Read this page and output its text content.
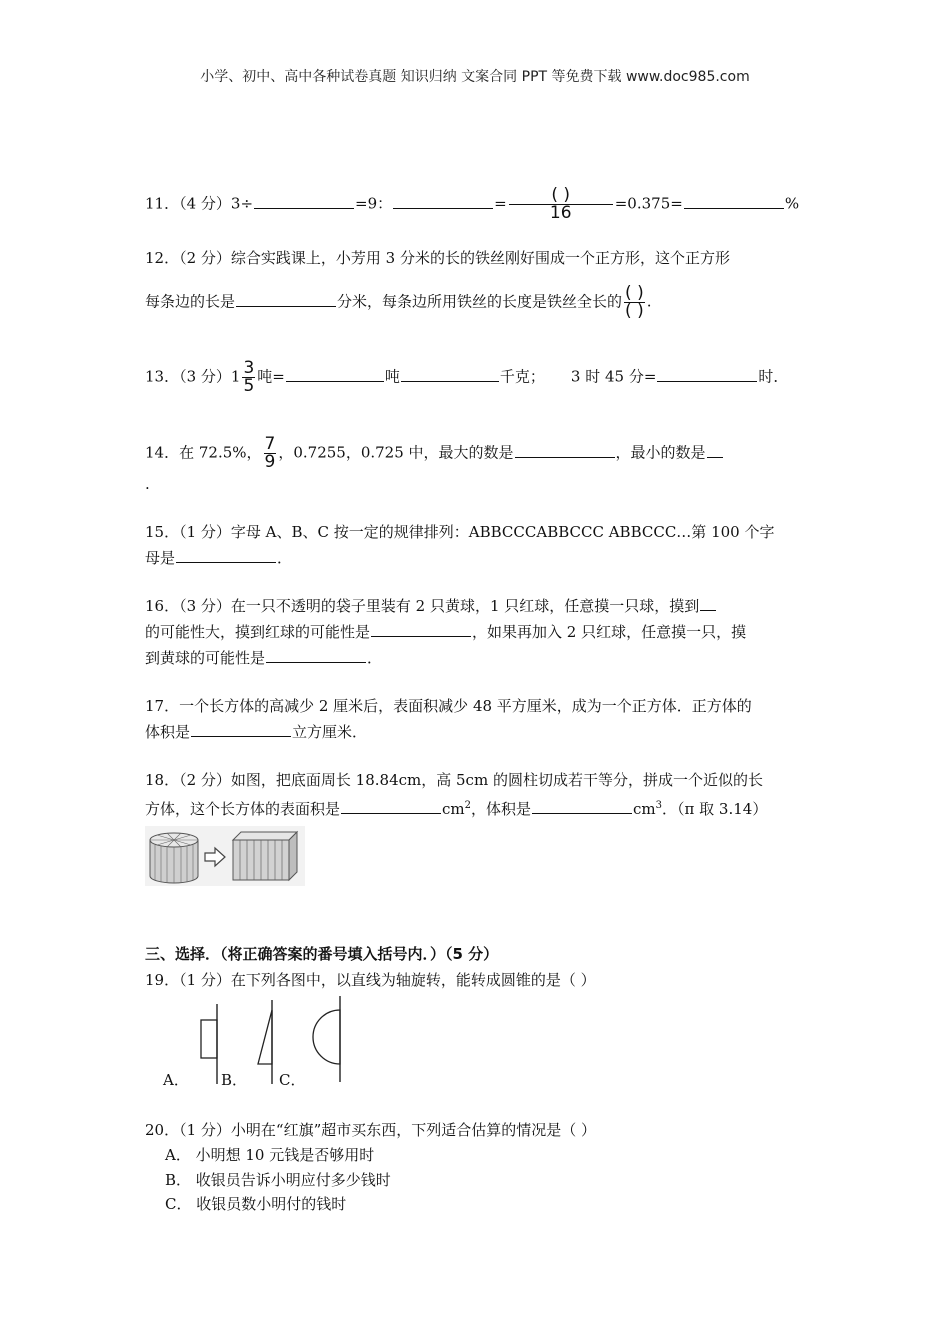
小学、初中、高中各种试卷真题 知识归纳 文案合同 PPT 等免费下载 www.doc985.com
11．（4 分）3÷	=9：	= $\frac{( )}{16} =0.375=$	%
12．（2 分）综合实践课上，小芳用 3 分米的长的铁丝刚好围成一个正方形，这个正方形
每条边的长是	分米，每条边所用铁丝的长度是铁丝全长的 $\frac{( )}{( )}$ .
13．（3 分）$1 \frac{3}{5}$ 吨=	吨	千克； 3 时 45 分=	时．
14．在 72.5%， $\frac{7}{9}$ ，0.7255，0.725 中，最大的数是	，最小的数是
.
15．（1 分）字母 A、B、C 按一定的规律排列：ABBCCCABBCCC ABBCCC…第 100 个字
母是	．
16．（3 分）在一只不透明的袋子里装有 2 只黄球，1 只红球，任意摸一只球，摸到
的可能性大，摸到红球的可能性是	，如果再加入 2 只红球，任意摸一只，摸
到黄球的可能性是	．
17．一个长方体的高减少 2 厘米后，表面积减少 48 平方厘米，成为一个正方体．正方体的
体积是	立方厘米．
18．（2 分）如图，把底面周长 18.84cm，高 5cm 的圆柱切成若干等分，拼成一个近似的长
方体，这个长方体的表面积是	$cm^2$，体积是	$cm^3$．（π 取 3.14）
三、选择．（将正确答案的番号填入括号内．）（5 分）
19．（1 分）在下列各图中，以直线为轴旋转，能转成圆锥的是（ ）
A． B． C．
20．（1 分）小明在“红旗”超市买东西，下列适合估算的情况是（ ）
A． 小明想 10 元钱是否够用时
B． 收银员告诉小明应付多少钱时
C． 收银员数小明付的钱时
